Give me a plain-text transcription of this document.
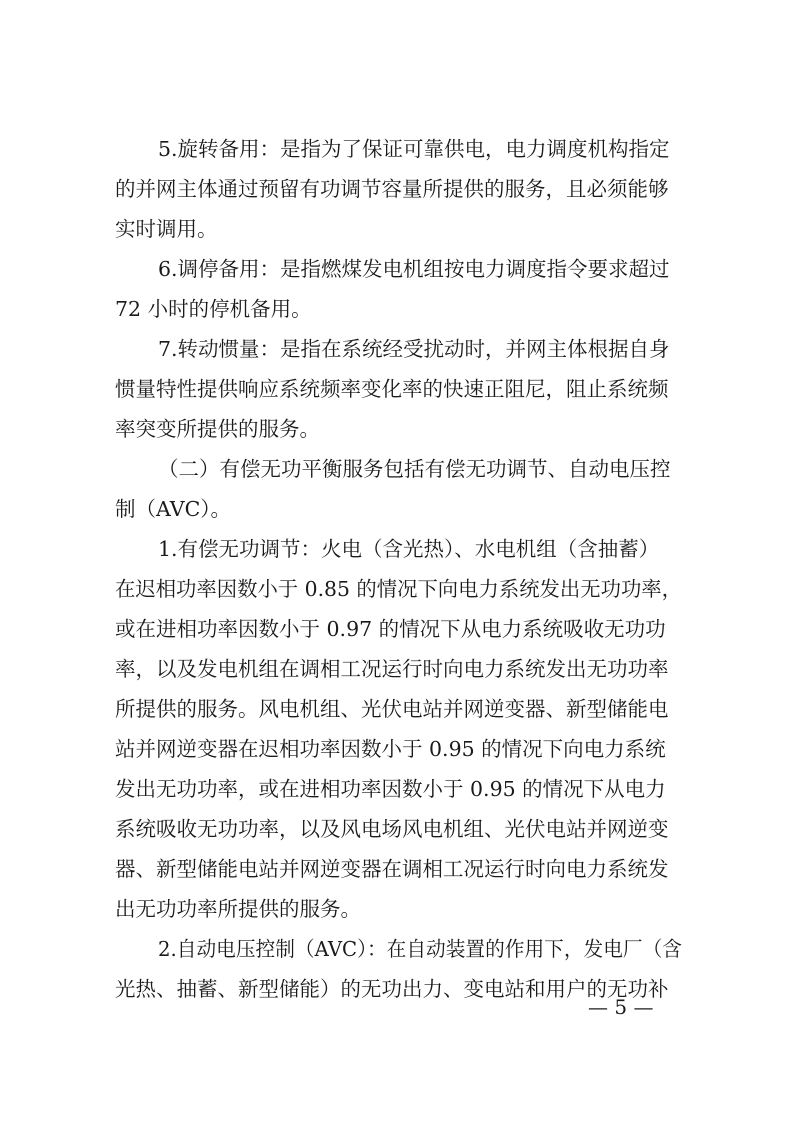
5.旋转备用：是指为了保证可靠供电，电力调度机构指定
的并网主体通过预留有功调节容量所提供的服务，且必须能够
实时调用。
6.调停备用：是指燃煤发电机组按电力调度指令要求超过
72 小时的停机备用。
7.转动惯量：是指在系统经受扰动时，并网主体根据自身
惯量特性提供响应系统频率变化率的快速正阻尼，阻止系统频
率突变所提供的服务。
（二）有偿无功平衡服务包括有偿无功调节、自动电压控
制（AVC）。
1.有偿无功调节：火电（含光热）、水电机组（含抽蓄）
在迟相功率因数小于 0.85 的情况下向电力系统发出无功功率，
或在进相功率因数小于 0.97 的情况下从电力系统吸收无功功
率，以及发电机组在调相工况运行时向电力系统发出无功功率
所提供的服务。风电机组、光伏电站并网逆变器、新型储能电
站并网逆变器在迟相功率因数小于 0.95 的情况下向电力系统
发出无功功率，或在进相功率因数小于 0.95 的情况下从电力
系统吸收无功功率，以及风电场风电机组、光伏电站并网逆变
器、新型储能电站并网逆变器在调相工况运行时向电力系统发
出无功功率所提供的服务。
2.自动电压控制（AVC）：在自动装置的作用下，发电厂（含
光热、抽蓄、新型储能）的无功出力、变电站和用户的无功补
— 5 —
